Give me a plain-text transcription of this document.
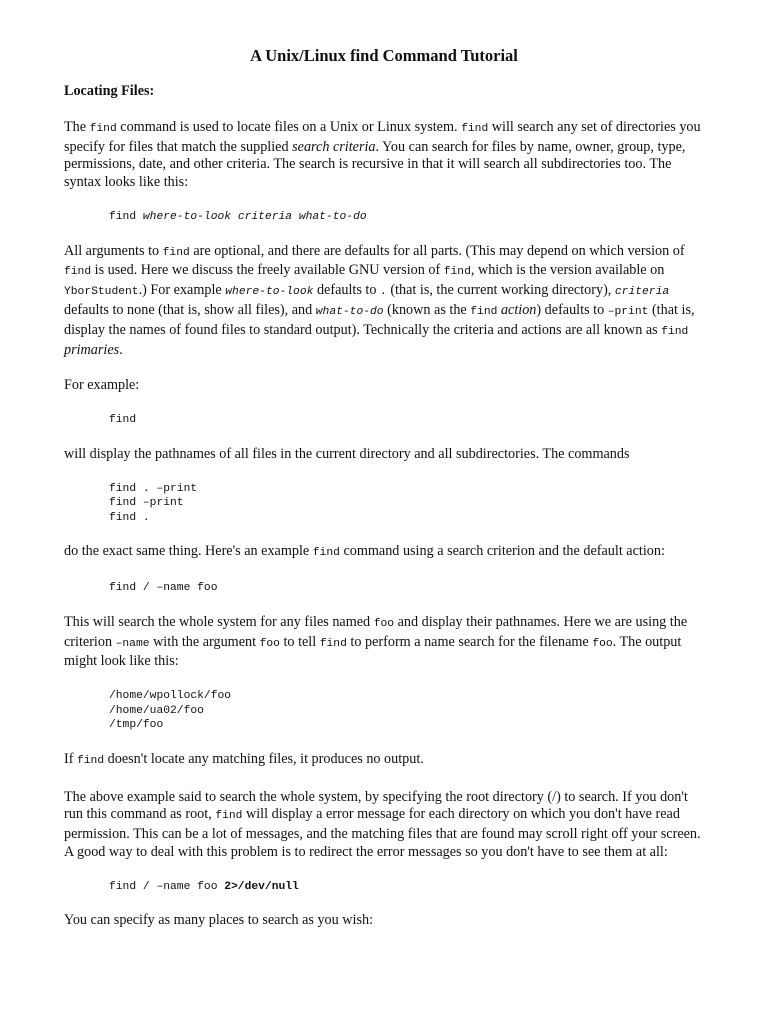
A Unix/Linux find Command Tutorial
Locating Files:

The find command is used to locate files on a Unix or Linux system. find will search any set of directories you specify for files that match the supplied search criteria. You can search for files by name, owner, group, type, permissions, date, and other criteria. The search is recursive in that it will search all subdirectories too. The syntax looks like this:

find where-to-look criteria what-to-do

All arguments to find are optional, and there are defaults for all parts. (This may depend on which version of find is used. Here we discuss the freely available GNU version of find, which is the version available on YborStudent.) For example where-to-look defaults to . (that is, the current working directory), criteria defaults to none (that is, show all files), and what-to-do (known as the find action) defaults to –print (that is, display the names of found files to standard output). Technically the criteria and actions are all known as find primaries.

For example:

find

will display the pathnames of all files in the current directory and all subdirectories. The commands

find . –print
find –print
find .

do the exact same thing. Here's an example find command using a search criterion and the default action:

find / –name foo

This will search the whole system for any files named foo and display their pathnames. Here we are using the criterion –name with the argument foo to tell find to perform a name search for the filename foo. The output might look like this:

/home/wpollock/foo
/home/ua02/foo
/tmp/foo

If find doesn't locate any matching files, it produces no output.

The above example said to search the whole system, by specifying the root directory (/) to search. If you don't run this command as root, find will display a error message for each directory on which you don't have read permission. This can be a lot of messages, and the matching files that are found may scroll right off your screen. A good way to deal with this problem is to redirect the error messages so you don't have to see them at all:

find / –name foo 2>/dev/null

You can specify as many places to search as you wish:
